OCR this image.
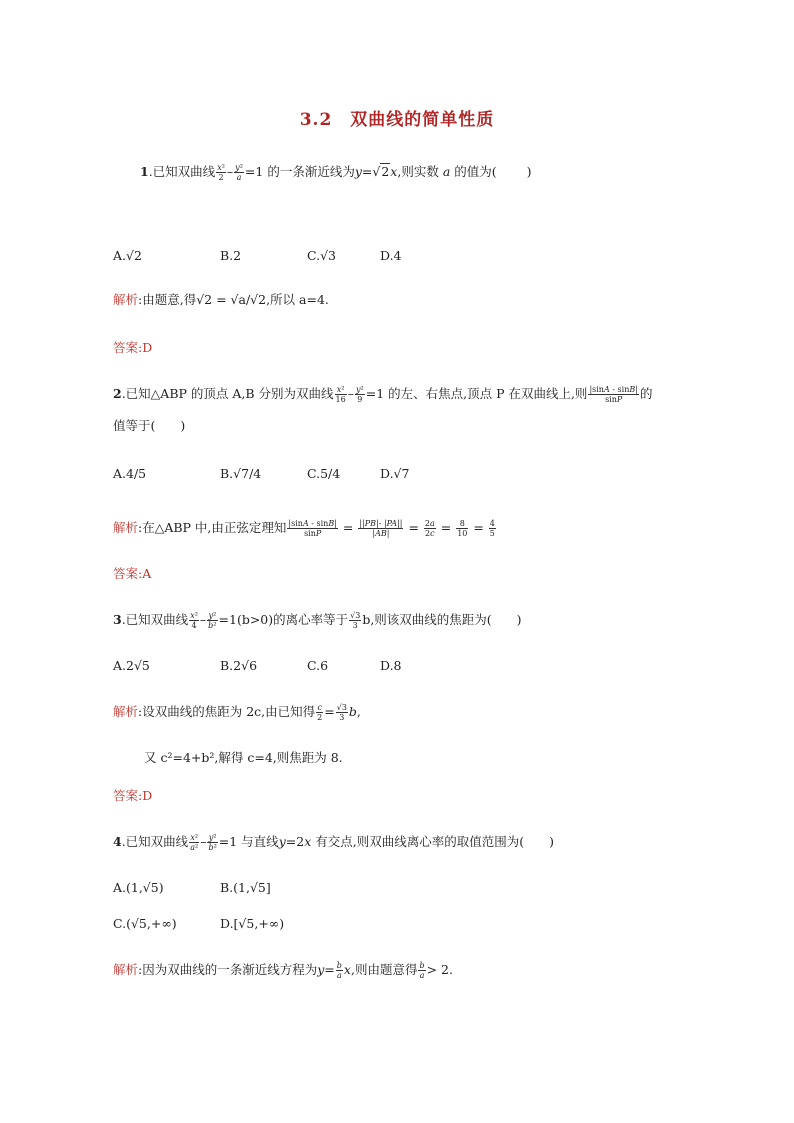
3.2　双曲线的简单性质
1.已知双曲线 $\frac{\text{x²}}{2} - \frac{\text{y²}}{a} =1$ 的一条渐近线为y=√2x,则实数 a 的值为( )
A.√2	B.2	C.√3	D.4
解析:由题意,得√2 = √a/√2,所以 a=4.
答案:D
2.已知△ABP 的顶点 A,B 分别为双曲线 $\frac{\text{x²}}{16} - \frac{\text{y²}}{9} =1$ 的左、右焦点,顶点 P 在双曲线上,则 $\frac{|\sin A - \sin B|}{\sin P}$ 的
值等于(　　)
A.4/5	B.√7/4	C.5/4	D.√7
解析:在△ABP 中,由正弦定理知 $\frac{|\sin A - \sin B|}{\sin P} = \frac{||PB|- |PA||}{|AB|} = \frac{2a}{2c} = \frac{8}{10} = \frac{4}{5}$
答案:A
3.已知双曲线 $\frac{\text{x²}}{4} - \frac{\text{y²}}{\text{b²}} =1(b>0)$的离心率等于 $\frac{√3}{3} b$,则该双曲线的焦距为(　　)
A.2√5	B.2√6	C.6	D.8
解析:设双曲线的焦距为 2c,由已知得 $\frac{c}{2} = \frac{√3}{3} b$,
又 c²=4+b²,解得 c=4,则焦距为 8.
答案:D
4.已知双曲线 $\frac{\text{x²}}{\text{a²}} - \frac{\text{y²}}{\text{b²}} =1$ 与直线y=2x 有交点,则双曲线离心率的取值范围为(　　)
A.(1,√5)	B.(1,√5]
C.(√5,+∞)	D.[√5,+∞)
解析:因为双曲线的一条渐近线方程为$y= \frac{b}{a} x$,则由题意得 $\frac{b}{a} > 2$.
